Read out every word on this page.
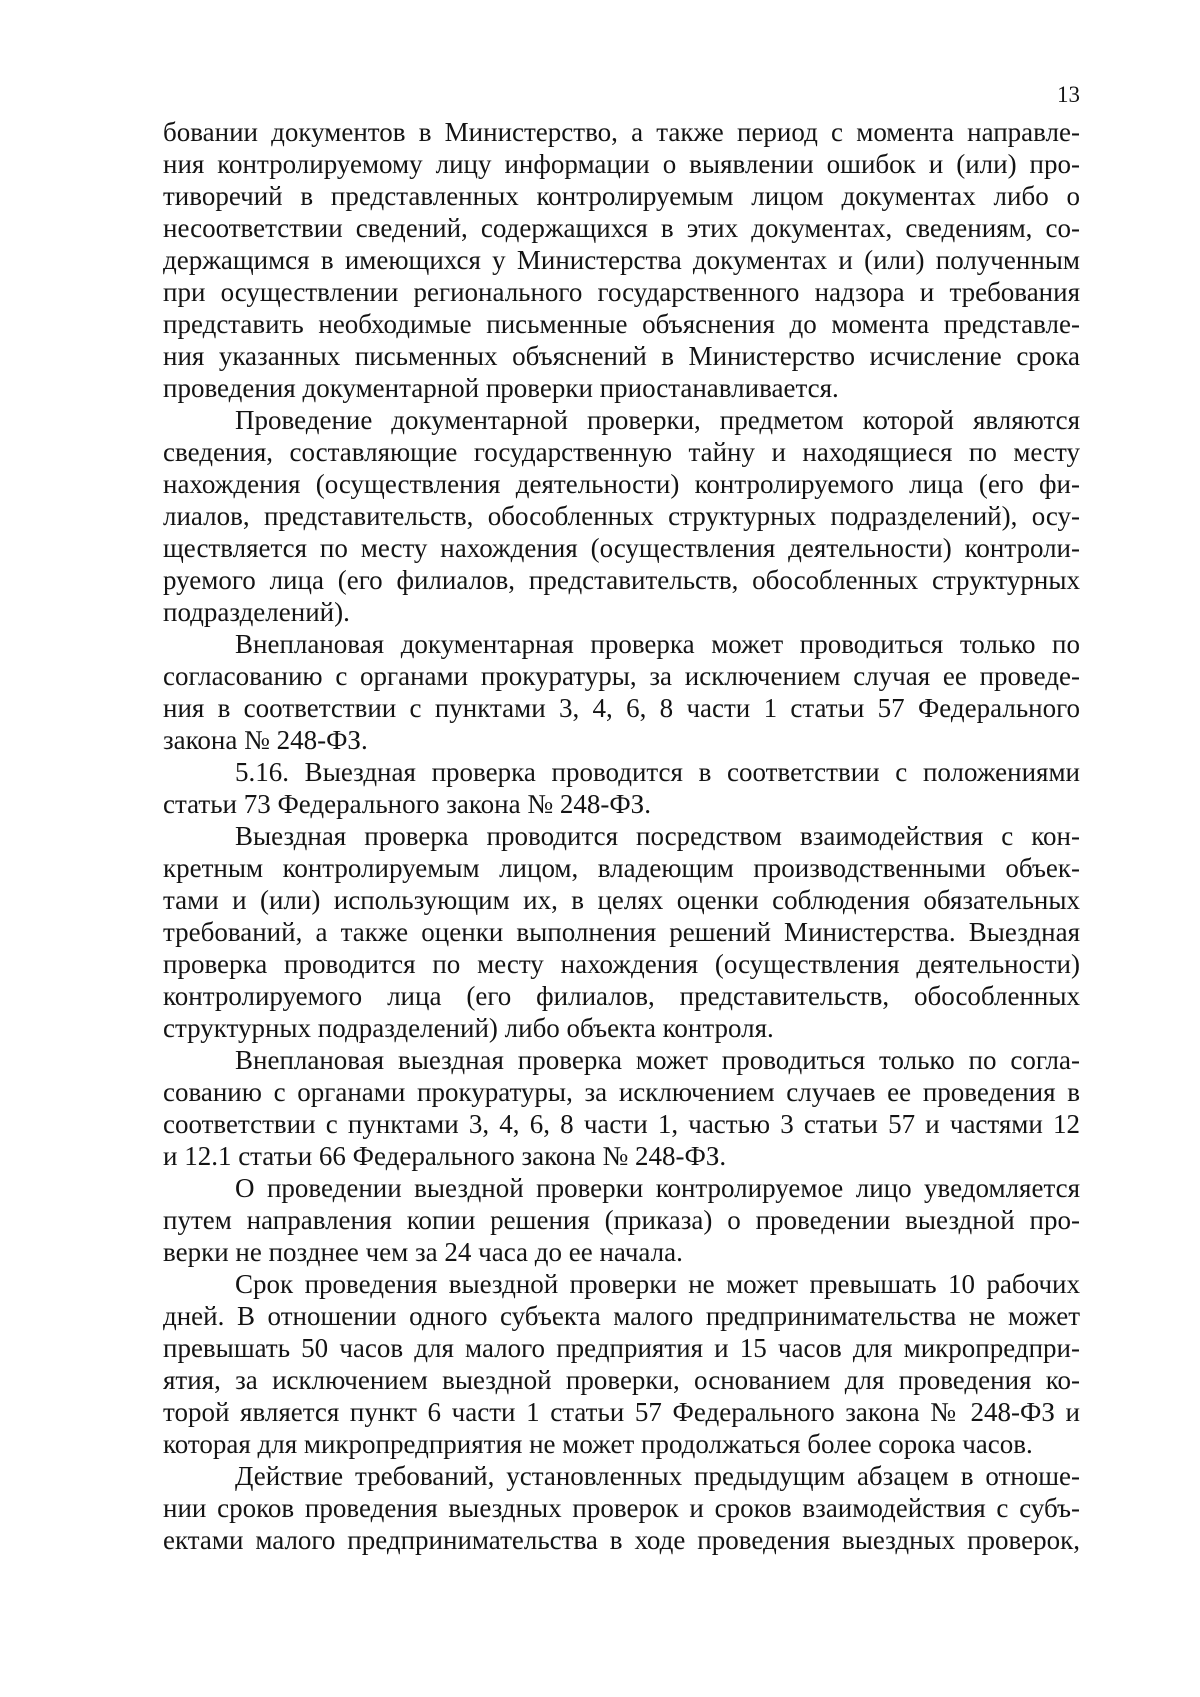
13
бовании документов в Министерство, а также период с момента направле-
ния контролируемому лицу информации о выявлении ошибок и (или) про-
тиворечий в представленных контролируемым лицом документах либо о
несоответствии сведений, содержащихся в этих документах, сведениям, со-
держащимся в имеющихся у Министерства документах и (или) полученным
при осуществлении регионального государственного надзора и требования
представить необходимые письменные объяснения до момента представле-
ния указанных письменных объяснений в Министерство исчисление срока
проведения документарной проверки приостанавливается.
Проведение документарной проверки, предметом которой являются
сведения, составляющие государственную тайну и находящиеся по месту
нахождения (осуществления деятельности) контролируемого лица (его фи-
лиалов, представительств, обособленных структурных подразделений), осу-
ществляется по месту нахождения (осуществления деятельности) контроли-
руемого лица (его филиалов, представительств, обособленных структурных
подразделений).
Внеплановая документарная проверка может проводиться только по
согласованию с органами прокуратуры, за исключением случая ее проведе-
ния в соответствии с пунктами 3, 4, 6, 8 части 1 статьи 57 Федерального
закона № 248-ФЗ.
5.16. Выездная проверка проводится в соответствии с положениями
статьи 73 Федерального закона № 248-ФЗ.
Выездная проверка проводится посредством взаимодействия с кон-
кретным контролируемым лицом, владеющим производственными объек-
тами и (или) использующим их, в целях оценки соблюдения обязательных
требований, а также оценки выполнения решений Министерства. Выездная
проверка проводится по месту нахождения (осуществления деятельности)
контролируемого лица (его филиалов, представительств, обособленных
структурных подразделений) либо объекта контроля.
Внеплановая выездная проверка может проводиться только по согла-
сованию с органами прокуратуры, за исключением случаев ее проведения в
соответствии с пунктами 3, 4, 6, 8 части 1, частью 3 статьи 57 и частями 12
и 12.1 статьи 66 Федерального закона № 248-ФЗ.
О проведении выездной проверки контролируемое лицо уведомляется
путем направления копии решения (приказа) о проведении выездной про-
верки не позднее чем за 24 часа до ее начала.
Срок проведения выездной проверки не может превышать 10 рабочих
дней. В отношении одного субъекта малого предпринимательства не может
превышать 50 часов для малого предприятия и 15 часов для микропредпри-
ятия, за исключением выездной проверки, основанием для проведения ко-
торой является пункт 6 части 1 статьи 57 Федерального закона № 248-ФЗ и
которая для микропредприятия не может продолжаться более сорока часов.
Действие требований, установленных предыдущим абзацем в отноше-
нии сроков проведения выездных проверок и сроков взаимодействия с субъ-
ектами малого предпринимательства в ходе проведения выездных проверок,
